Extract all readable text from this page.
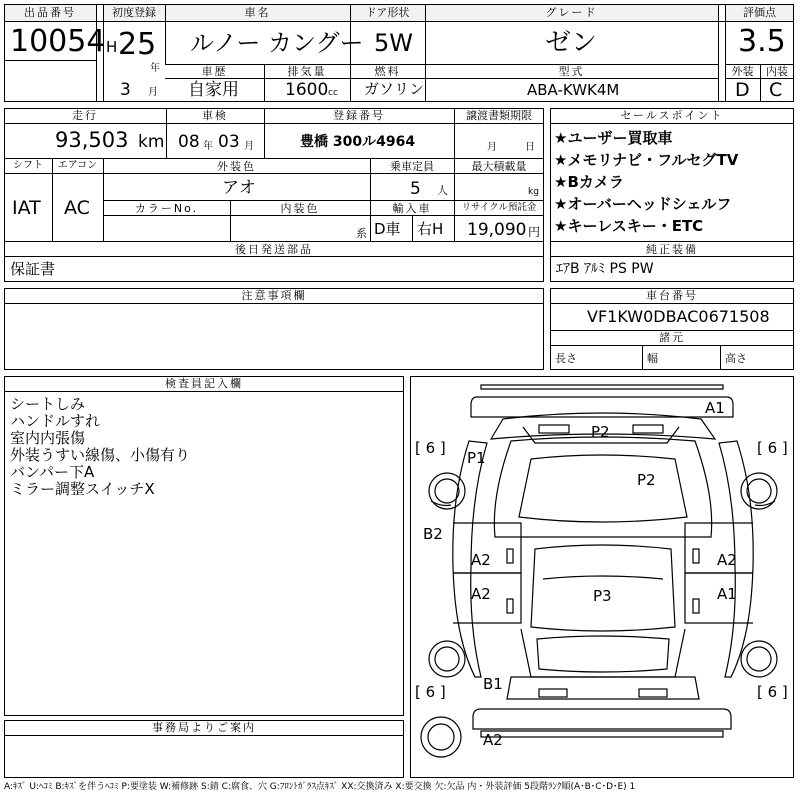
出品番号
10054
初度登録
H 25
年
3 月
車名
ルノー カングー
ドア形状
5W
グレード
ゼン
評価点
3.5
車歴
自家用
排気量
1600 cc
燃料
ガソリン
型式
ABA-KWK4M
外装	内装
D C
走行
93,503 km
車検
08 年 03 月
登録番号
豊橋 300ル4964
譲渡書類期限
月	日
シフト
IAT
エアコン
AC
外装色
アオ
乗車定員
5 人
最大積載量
kg
カラーNo.	内装色
系
輸入車
D車 右H
リサイクル預託金
19,090 円
後日発送部品
保証書
セールスポイント
★ユーザー買取車
★メモリナビ・フルセグTV
★Bカメラ
★オーバーヘッドシェルフ
★キーレスキー・ETC
純正装備
ｴｱB ｱﾙﾐ PS PW
注意事項欄	車台番号
VF1KW0DBAC0671508
諸元
長さ	幅	高さ
検査員記入欄
シートしみ
ハンドルすれ
室内内張傷
外装うすい線傷、小傷有り
バンパー下A
ミラー調整スイッチX
事務局よりご案内
[ 6 ]	[ 6 ]
[ 6 ]	[ 6 ]
A1
P2
P1
P2
B2
A2	A2
A2	A1
P3
B1
A2
A:ｷｽﾞ U:ﾍｺﾐ B:ｷｽﾞを伴うﾍｺﾐ P:要塗装 W:補修跡 S:錆 C:腐食、穴 G:ﾌﾛﾝﾄｶﾞﾗｽ点ｷｽﾞ XX:交換済み X:要交換 欠:欠品 内・外装評価 5段階ﾗﾝｸ順(A･B･C･D･E) 1
